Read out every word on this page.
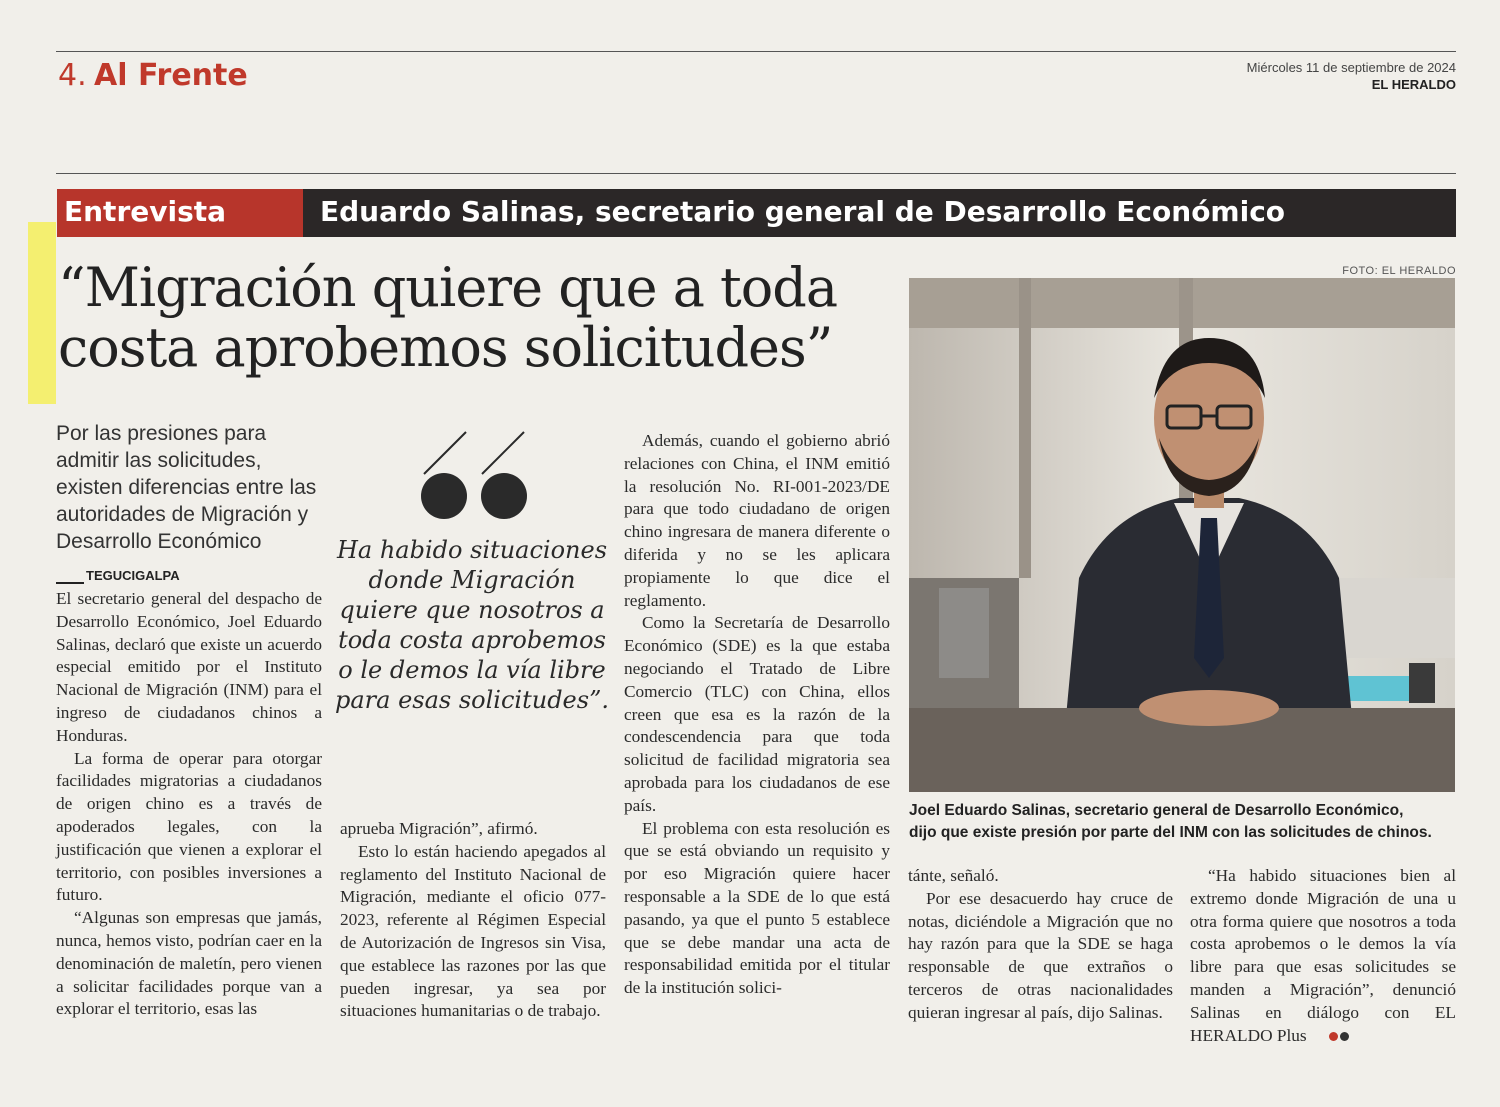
4. Al Frente	Miércoles 11 de septiembre de 2024
EL HERALDO
Entrevista	Eduardo Salinas, secretario general de Desarrollo Económico
“Migración quiere que a toda
costa aprobemos solicitudes”
FOTO: EL HERALDO
Por las presiones para admitir las solicitudes, existen diferencias entre las autoridades de Migración y Desarrollo Económico
TEGUCIGALPA

El secretario general del despacho de Desarrollo Económico, Joel Eduardo Salinas, declaró que existe un acuerdo especial emitido por el Instituto Nacional de Migración (INM) para el ingreso de ciudadanos chinos a Honduras.

La forma de operar para otorgar facilidades migratorias a ciudadanos de origen chino es a través de apoderados legales, con la justificación que vienen a explorar el territorio, con posibles inversiones a futuro.

“Algunas son empresas que jamás, nunca, hemos visto, podrían caer en la denominación de maletín, pero vienen a solicitar facilidades porque van a explorar el territorio, esas las

Ha habido situaciones donde Migración quiere que nosotros a toda costa aprobemos o le demos la vía libre para esas solicitudes”.

aprueba Migración”, afirmó.

Esto lo están haciendo apegados al reglamento del Instituto Nacional de Migración, mediante el oficio 077-2023, referente al Régimen Especial de Autorización de Ingresos sin Visa, que establece las razones por las que pueden ingresar, ya sea por situaciones humanitarias o de trabajo.

Además, cuando el gobierno abrió relaciones con China, el INM emitió la resolución No. RI-001-2023/DE para que todo ciudadano de origen chino ingresara de manera diferente o diferida y no se les aplicara propiamente lo que dice el reglamento.

Como la Secretaría de Desarrollo Económico (SDE) es la que estaba negociando el Tratado de Libre Comercio (TLC) con China, ellos creen que esa es la razón de la condescendencia para que toda solicitud de facilidad migratoria sea aprobada para los ciudadanos de ese país.

El problema con esta resolución es que se está obviando un requisito y por eso Migración quiere hacer responsable a la SDE de lo que está pasando, ya que el punto 5 establece que se debe mandar una acta de responsabilidad emitida por el titular de la institución solici-

Joel Eduardo Salinas, secretario general de Desarrollo Económico,
dijo que existe presión por parte del INM con las solicitudes de chinos.

tánte, señaló.

Por ese desacuerdo hay cruce de notas, diciéndole a Migración que no hay razón para que la SDE se haga responsable de que extraños o terceros de otras nacionalidades quieran ingresar al país, dijo Salinas.

“Ha habido situaciones bien al extremo donde Migración de una u otra forma quiere que nosotros a toda costa aprobemos o le demos la vía libre para que esas solicitudes se manden a Migración”, denunció Salinas en diálogo con EL HERALDO Plus
